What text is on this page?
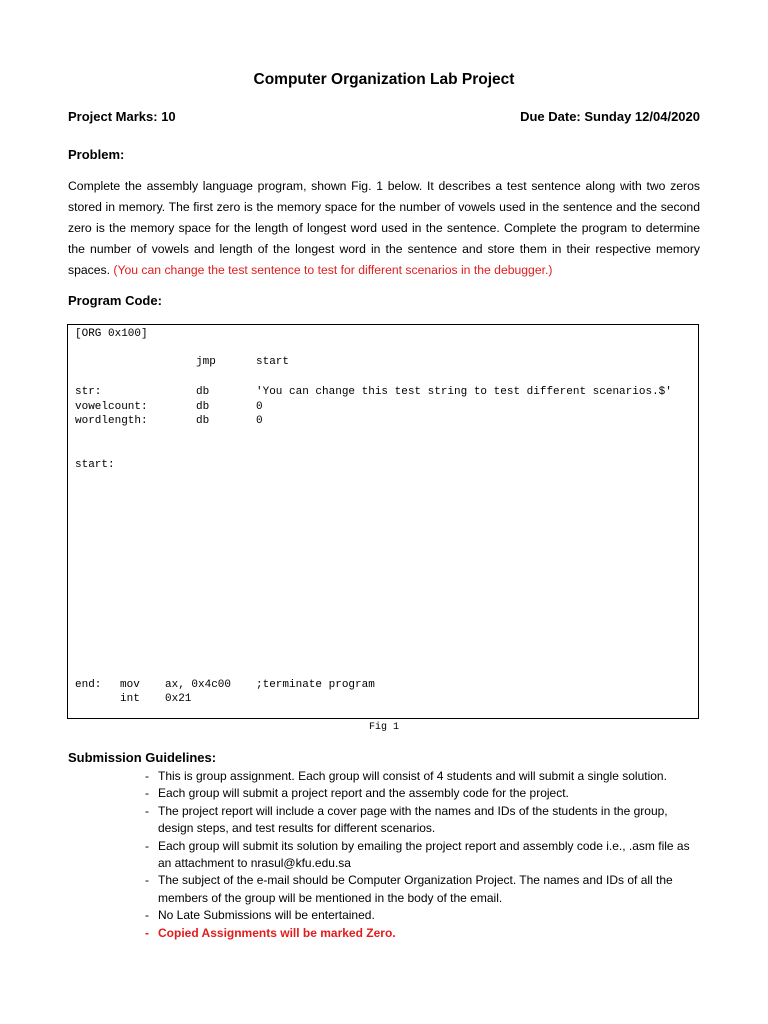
Computer Organization Lab Project
Project Marks: 10	Due Date: Sunday 12/04/2020
Problem:
Complete the assembly language program, shown Fig. 1 below. It describes a test sentence along with two zeros stored in memory. The first zero is the memory space for the number of vowels used in the sentence and the second zero is the memory space for the length of longest word used in the sentence. Complete the program to determine the number of vowels and length of the longest word in the sentence and store them in their respective memory spaces. (You can change the test sentence to test for different scenarios in the debugger.)
Program Code:
[ORG 0x100]
jmp	start
str:	db	'You can change this test string to test different scenarios.$'
vowelcount:	db	0
wordlength:	db	0
start:
end: mov ax, 0x4c00 ;terminate program
int 0x21
Fig 1
Submission Guidelines:
- This is group assignment. Each group will consist of 4 students and will submit a single solution.
- Each group will submit a project report and the assembly code for the project.
- The project report will include a cover page with the names and IDs of the students in the group, design steps, and test results for different scenarios.
- Each group will submit its solution by emailing the project report and assembly code i.e., .asm file as an attachment to nrasul@kfu.edu.sa
- The subject of the e-mail should be Computer Organization Project. The names and IDs of all the members of the group will be mentioned in the body of the email.
- No Late Submissions will be entertained.
- Copied Assignments will be marked Zero.
